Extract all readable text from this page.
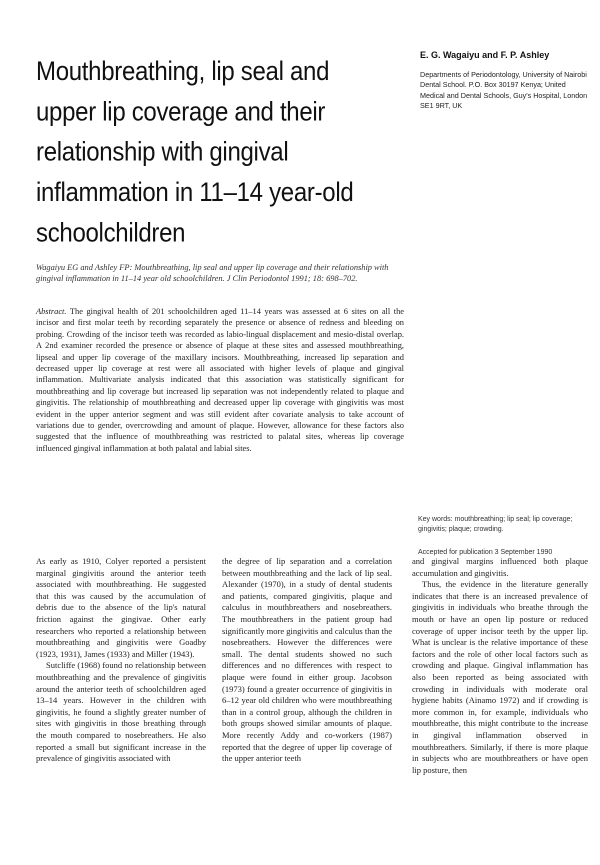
Mouthbreathing, lip seal and upper lip coverage and their relationship with gingival inflammation in 11–14 year-old schoolchildren

E. G. Wagaiyu and F. P. Ashley

Departments of Periodontology, University of Nairobi Dental School. P.O. Box 30197 Kenya; United Medical and Dental Schools, Guy's Hospital, London SE1 9RT, UK

Wagaiyu EG and Ashley FP: Mouthbreathing, lip seal and upper lip coverage and their relationship with gingival inflammation in 11–14 year old schoolchildren. J Clin Periodontol 1991; 18: 698–702.

Abstract. The gingival health of 201 schoolchildren aged 11–14 years was assessed at 6 sites on all the incisor and first molar teeth by recording separately the presence or absence of redness and bleeding on probing. Crowding of the incisor teeth was recorded as labio-lingual displacement and mesio-distal overlap. A 2nd examiner recorded the presence or absence of plaque at these sites and assessed mouthbreathing, lipseal and upper lip coverage of the maxillary incisors. Mouthbreathing, increased lip separation and decreased upper lip coverage at rest were all associated with higher levels of plaque and gingival inflammation. Multivariate analysis indicated that this association was statistically significant for mouthbreathing and lip coverage but increased lip separation was not independently related to plaque and gingivitis. The relationship of mouthbreathing and decreased upper lip coverage with gingivitis was most evident in the upper anterior segment and was still evident after covariate analysis to take account of variations due to gender, overcrowding and amount of plaque. However, allowance for these factors also suggested that the influence of mouthbreathing was restricted to palatal sites, whereas lip coverage influenced gingival inflammation at both palatal and labial sites.

Key words: mouthbreathing; lip seal; lip coverage; gingivitis; plaque; crowding.

Accepted for publication 3 September 1990

As early as 1910, Colyer reported a persistent marginal gingivitis around the anterior teeth associated with mouthbreathing. He suggested that this was caused by the accumulation of debris due to the absence of the lip's natural friction against the gingivae. Other early researchers who reported a relationship between mouthbreathing and gingivitis were Goadby (1923, 1931), James (1933) and Miller (1943).

Sutcliffe (1968) found no relationship between mouthbreathing and the prevalence of gingivitis around the anterior teeth of schoolchildren aged 13–14 years. However in the children with gingivitis, he found a slightly greater number of sites with gingivitis in those breathing through the mouth compared to nosebreathers. He also reported a small but significant increase in the prevalence of gingivitis associated with

the degree of lip separation and a correlation between mouthbreathing and the lack of lip seal. Alexander (1970), in a study of dental students and patients, compared gingivitis, plaque and calculus in mouthbreathers and nosebreathers. The mouthbreathers in the patient group had significantly more gingivitis and calculus than the nosebreathers. However the differences were small. The dental students showed no such differences and no differences with respect to plaque were found in either group. Jacobson (1973) found a greater occurrence of gingivitis in 6–12 year old children who were mouthbreathing than in a control group, although the children in both groups showed similar amounts of plaque. More recently Addy and co-workers (1987) reported that the degree of upper lip coverage of the upper anterior teeth

and gingival margins influenced both plaque accumulation and gingivitis.

Thus, the evidence in the literature generally indicates that there is an increased prevalence of gingivitis in individuals who breathe through the mouth or have an open lip posture or reduced coverage of upper incisor teeth by the upper lip. What is unclear is the relative importance of these factors and the role of other local factors such as crowding and plaque. Gingival inflammation has also been reported as being associated with crowding in individuals with moderate oral hygiene habits (Ainamo 1972) and if crowding is more common in, for example, individuals who mouthbreathe, this might contribute to the increase in gingival inflammation observed in mouthbreathers. Similarly, if there is more plaque in subjects who are mouthbreathers or have open lip posture, then
